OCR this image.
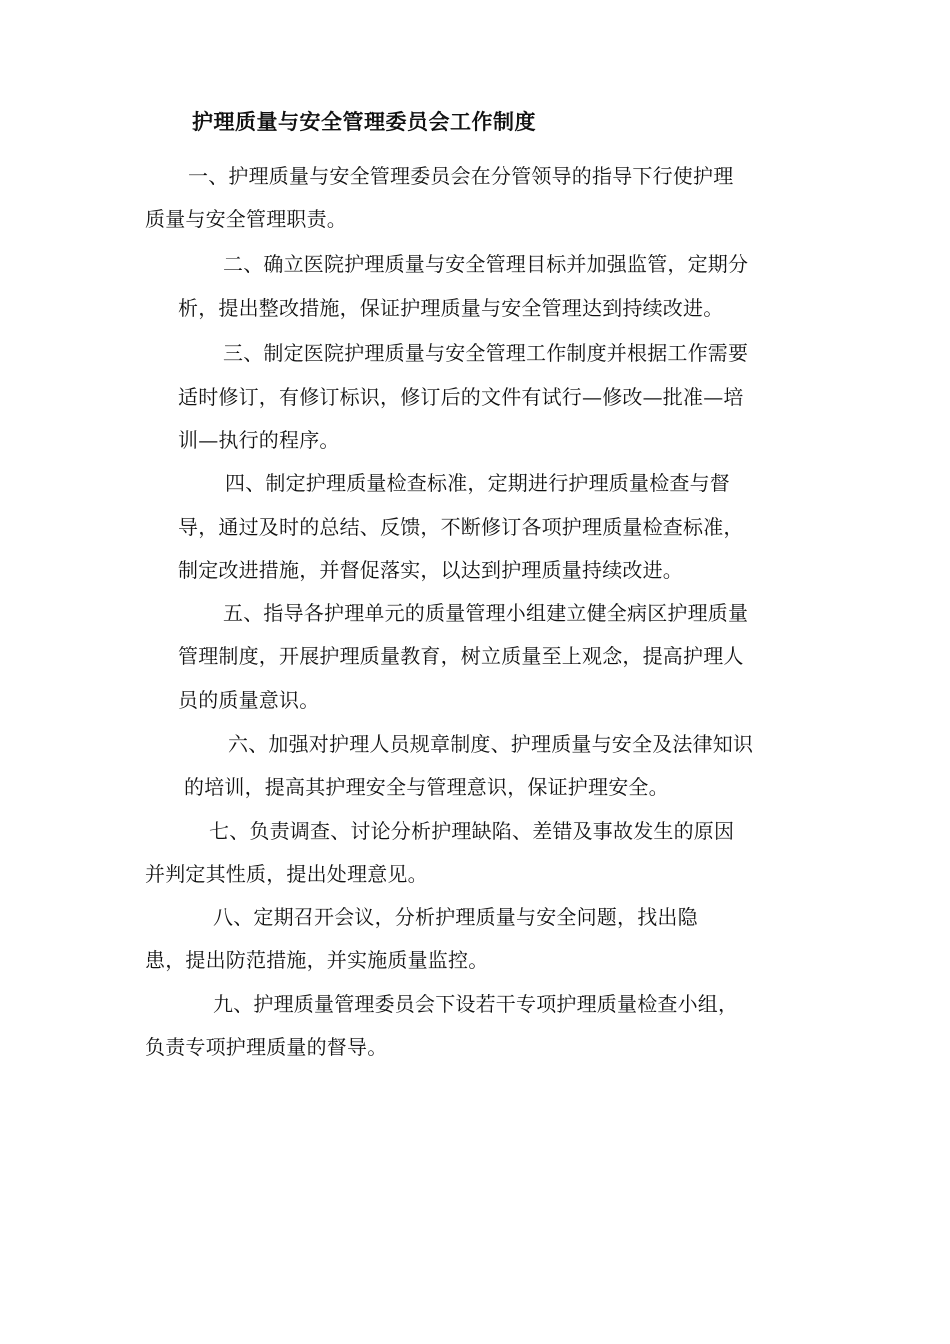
护理质量与安全管理委员会工作制度
一、护理质量与安全管理委员会在分管领导的指导下行使护理
质量与安全管理职责。
二、确立医院护理质量与安全管理目标并加强监管，定期分
析，提出整改措施，保证护理质量与安全管理达到持续改进。
三、制定医院护理质量与安全管理工作制度并根据工作需要
适时修订，有修订标识，修订后的文件有试行—修改—批准—培
训—执行的程序。
四、制定护理质量检查标准，定期进行护理质量检查与督
导，通过及时的总结、反馈，不断修订各项护理质量检查标准，
制定改进措施，并督促落实，以达到护理质量持续改进。
五、指导各护理单元的质量管理小组建立健全病区护理质量
管理制度，开展护理质量教育，树立质量至上观念，提高护理人
员的质量意识。
六、加强对护理人员规章制度、护理质量与安全及法律知识
的培训，提高其护理安全与管理意识，保证护理安全。
七、负责调查、讨论分析护理缺陷、差错及事故发生的原因
并判定其性质，提出处理意见。
八、定期召开会议，分析护理质量与安全问题，找出隐
患，提出防范措施，并实施质量监控。
九、护理质量管理委员会下设若干专项护理质量检查小组，
负责专项护理质量的督导。
